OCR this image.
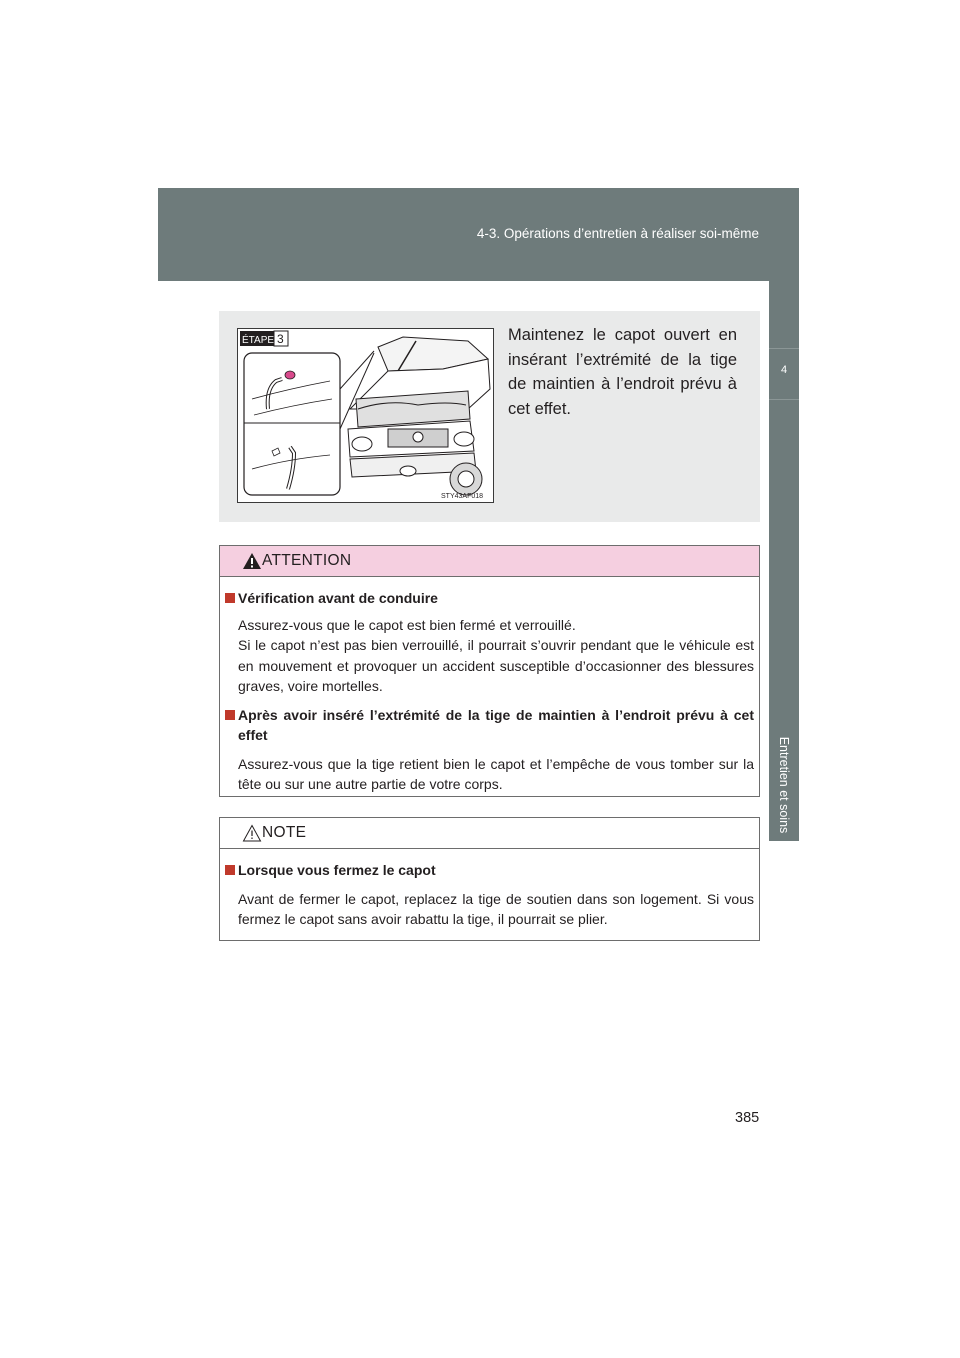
4-3. Opérations d’entretien à réaliser soi-même
4
Entretien et soins
ÉTAPE 3
STY43AF018
Maintenez le capot ouvert en insérant l’extrémité de la tige de maintien à l’endroit prévu à cet effet.
ATTENTION
Vérification avant de conduire
Assurez-vous que le capot est bien fermé et verrouillé.
Si le capot n’est pas bien verrouillé, il pourrait s’ouvrir pendant que le véhicule est en mouvement et provoquer un accident susceptible d’occasionner des blessures graves, voire mortelles.
Après avoir inséré l’extrémité de la tige de maintien à l’endroit prévu à cet effet
Assurez-vous que la tige retient bien le capot et l’empêche de vous tomber sur la tête ou sur une autre partie de votre corps.
NOTE
Lorsque vous fermez le capot
Avant de fermer le capot, replacez la tige de soutien dans son logement. Si vous fermez le capot sans avoir rabattu la tige, il pourrait se plier.
385
